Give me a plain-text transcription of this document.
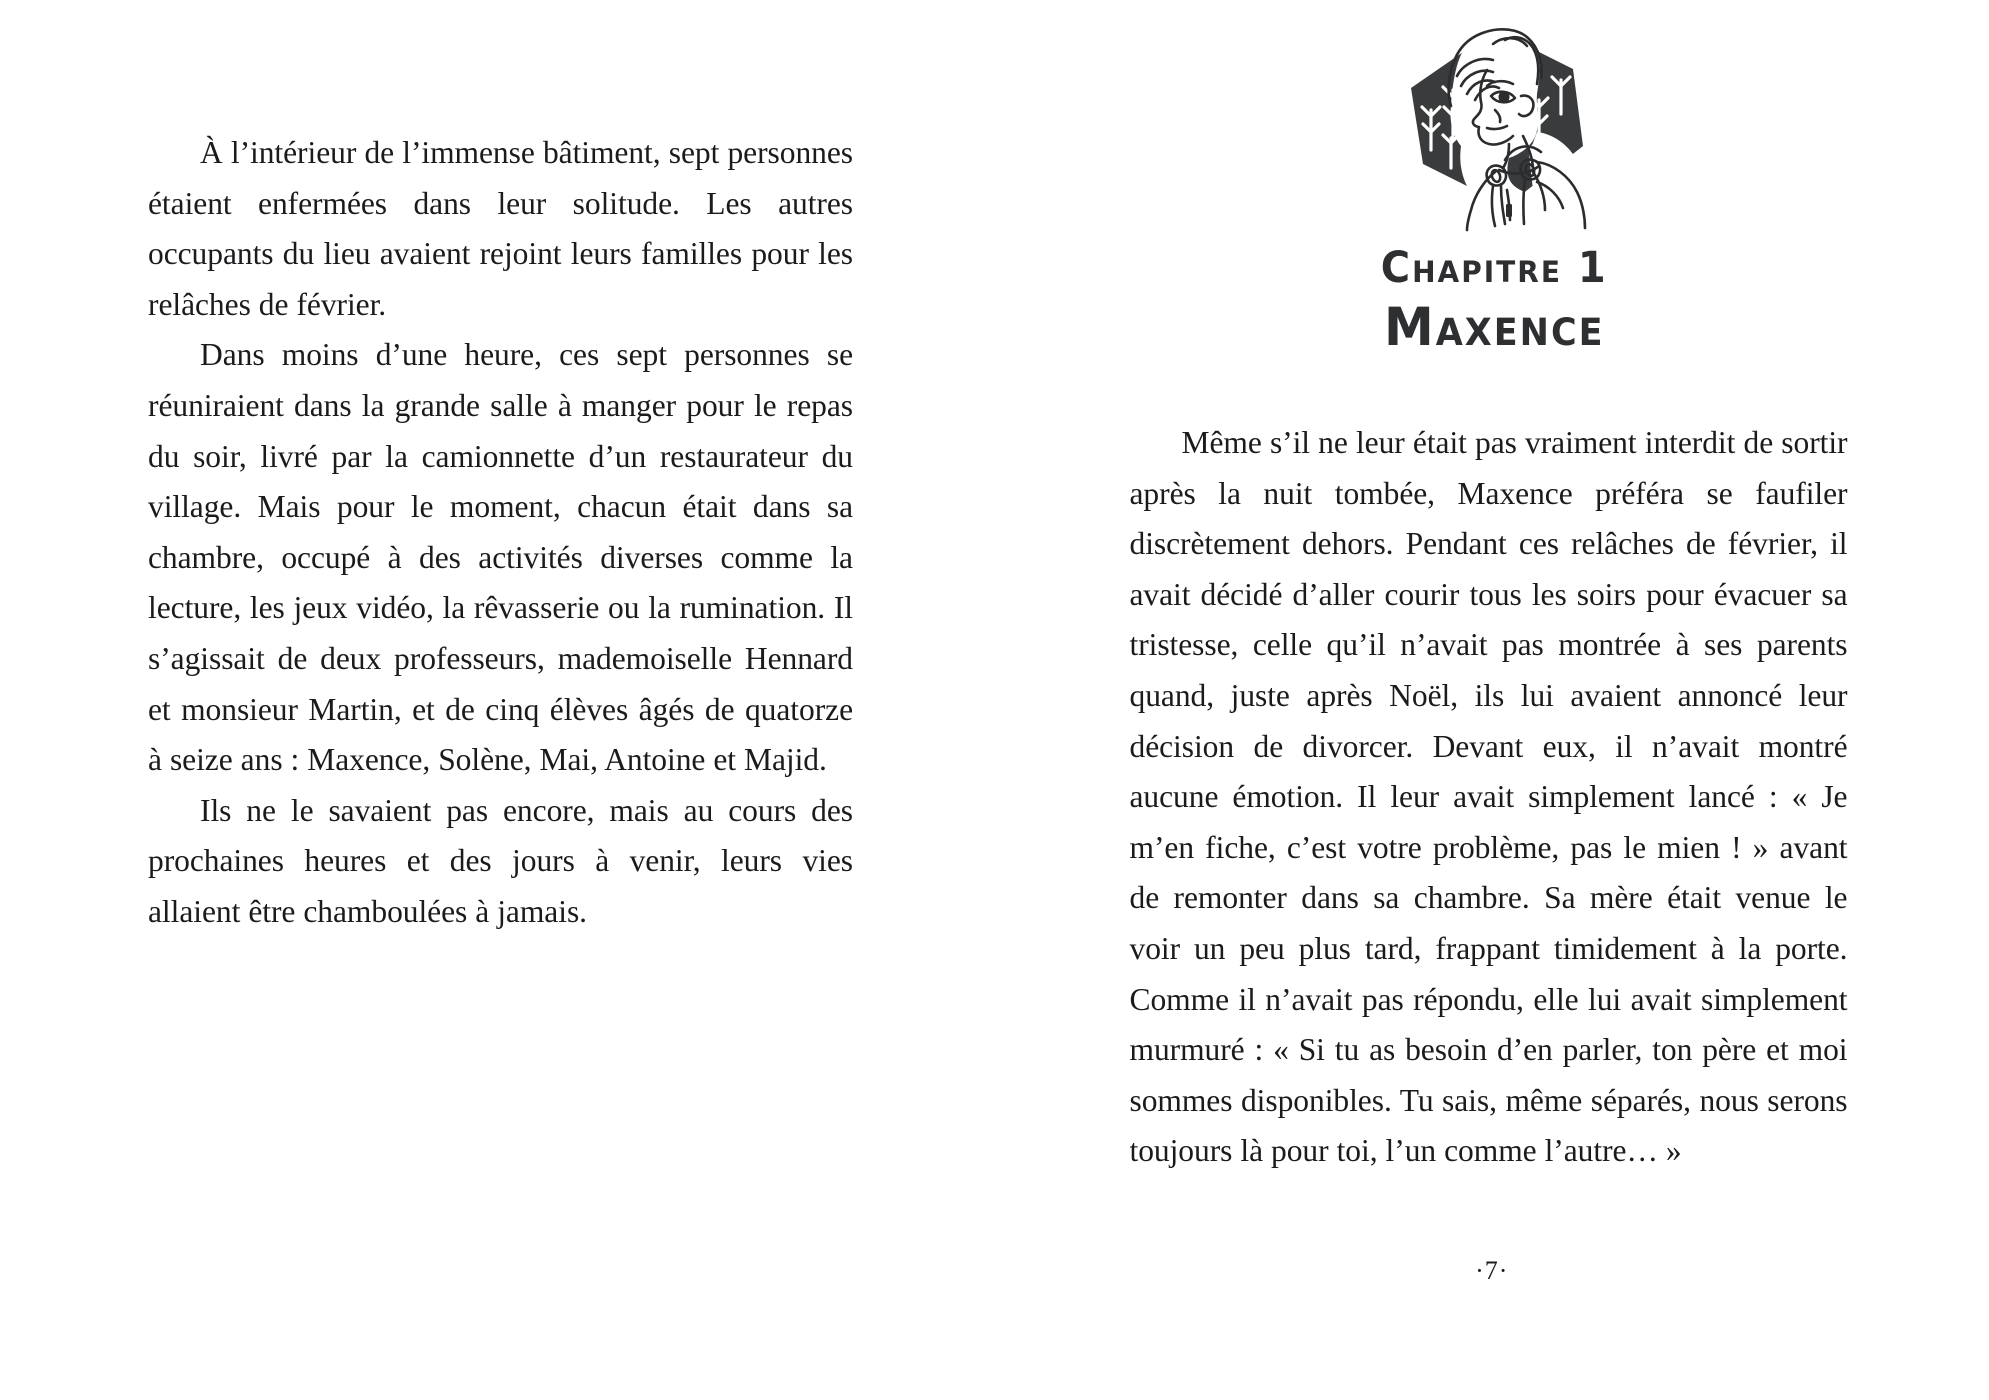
À l’intérieur de l’immense bâtiment, sept personnes étaient enfermées dans leur solitude. Les autres occupants du lieu avaient rejoint leurs familles pour les relâches de février.

Dans moins d’une heure, ces sept personnes se réuniraient dans la grande salle à manger pour le repas du soir, livré par la camionnette d’un restaurateur du village. Mais pour le moment, chacun était dans sa chambre, occupé à des activités diverses comme la lecture, les jeux vidéo, la rêvasserie ou la rumination. Il s’agissait de deux professeurs, mademoiselle Hennard et monsieur Martin, et de cinq élèves âgés de quatorze à seize ans : Maxence, Solène, Mai, Antoine et Majid.

Ils ne le savaient pas encore, mais au cours des prochaines heures et des jours à venir, leurs vies allaient être chamboulées à jamais.

Chapitre 1
Maxence

Même s’il ne leur était pas vraiment interdit de sortir après la nuit tombée, Maxence préféra se faufiler discrètement dehors. Pendant ces relâches de février, il avait décidé d’aller courir tous les soirs pour évacuer sa tristesse, celle qu’il n’avait pas montrée à ses parents quand, juste après Noël, ils lui avaient annoncé leur décision de divorcer. Devant eux, il n’avait montré aucune émotion. Il leur avait simplement lancé : « Je m’en fiche, c’est votre problème, pas le mien ! » avant de remonter dans sa chambre. Sa mère était venue le voir un peu plus tard, frappant timidement à la porte. Comme il n’avait pas répondu, elle lui avait simplement murmuré : « Si tu as besoin d’en parler, ton père et moi sommes disponibles. Tu sais, même séparés, nous serons toujours là pour toi, l’un comme l’autre… »

·7·
